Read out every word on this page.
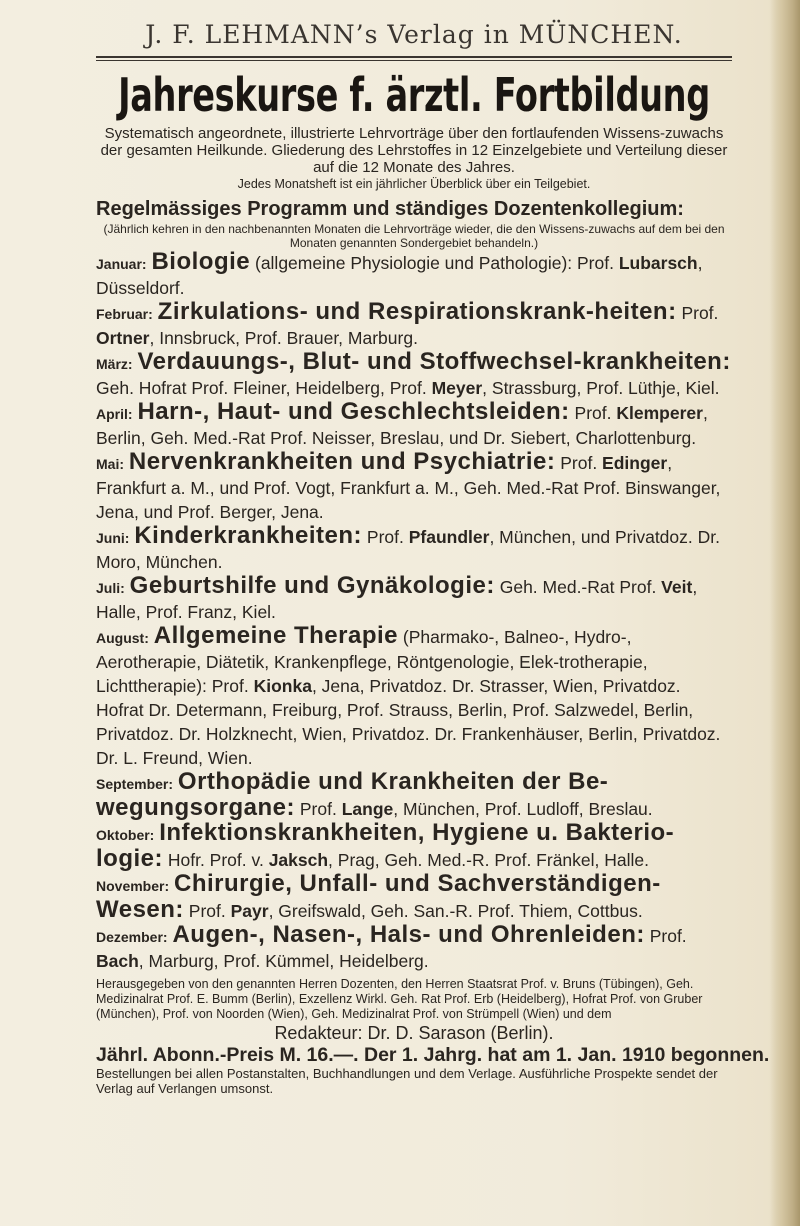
J. F. LEHMANN’s Verlag in MÜNCHEN.
Jahreskurse f. ärztl. Fortbildung
Systematisch angeordnete, illustrierte Lehrvorträge über den fortlaufenden Wissens-zuwachs der gesamten Heilkunde. Gliederung des Lehrstoffes in 12 Einzelgebiete und Verteilung dieser auf die 12 Monate des Jahres.
Jedes Monatsheft ist ein jährlicher Überblick über ein Teilgebiet.
Regelmässiges Programm und ständiges Dozentenkollegium:
(Jährlich kehren in den nachbenannten Monaten die Lehrvorträge wieder, die den Wissens-zuwachs auf dem bei den Monaten genannten Sondergebiet behandeln.)
Januar: Biologie (allgemeine Physiologie und Pathologie): Prof. Lubarsch, Düsseldorf.
Februar: Zirkulations- und Respirationskrank-heiten: Prof. Ortner, Innsbruck, Prof. Brauer, Marburg.
März: Verdauungs-, Blut- und Stoffwechsel-krankheiten: Geh. Hofrat Prof. Fleiner, Heidelberg, Prof. Meyer, Strassburg, Prof. Lüthje, Kiel.
April: Harn-, Haut- und Geschlechtsleiden: Prof. Klemperer, Berlin, Geh. Med.-Rat Prof. Neisser, Breslau, und Dr. Siebert, Charlottenburg.
Mai: Nervenkrankheiten und Psychiatrie: Prof. Edinger, Frankfurt a. M., und Prof. Vogt, Frankfurt a. M., Geh. Med.-Rat Prof. Binswanger, Jena, und Prof. Berger, Jena.
Juni: Kinderkrankheiten: Prof. Pfaundler, München, und Privatdoz. Dr. Moro, München.
Juli: Geburtshilfe und Gynäkologie: Geh. Med.-Rat Prof. Veit, Halle, Prof. Franz, Kiel.
August: Allgemeine Therapie (Pharmako-, Balneo-, Hydro-, Aerotherapie, Diätetik, Krankenpflege, Röntgenologie, Elek-trotherapie, Lichttherapie): Prof. Kionka, Jena, Privatdoz. Dr. Strasser, Wien, Privatdoz. Hofrat Dr. Determann, Freiburg, Prof. Strauss, Berlin, Prof. Salzwedel, Berlin, Privatdoz. Dr. Holzknecht, Wien, Privatdoz. Dr. Frankenhäuser, Berlin, Privatdoz. Dr. L. Freund, Wien.
September: Orthopädie und Krankheiten der Be-wegungsorgane: Prof. Lange, München, Prof. Ludloff, Breslau.
Oktober: Infektionskrankheiten, Hygiene u. Bakterio-logie: Hofr. Prof. v. Jaksch, Prag, Geh. Med.-R. Prof. Fränkel, Halle.
November: Chirurgie, Unfall- und Sachverständigen-Wesen: Prof. Payr, Greifswald, Geh. San.-R. Prof. Thiem, Cottbus.
Dezember: Augen-, Nasen-, Hals- und Ohrenleiden: Prof. Bach, Marburg, Prof. Kümmel, Heidelberg.
Herausgegeben von den genannten Herren Dozenten, den Herren Staatsrat Prof. v. Bruns (Tübingen), Geh. Medizinalrat Prof. E. Bumm (Berlin), Exzellenz Wirkl. Geh. Rat Prof. Erb (Heidelberg), Hofrat Prof. von Gruber (München), Prof. von Noorden (Wien), Geh. Medizinalrat Prof. von Strümpell (Wien) und dem
Redakteur: Dr. D. Sarason (Berlin).
Jährl. Abonn.-Preis M. 16.—. Der 1. Jahrg. hat am 1. Jan. 1910 begonnen.
Bestellungen bei allen Postanstalten, Buchhandlungen und dem Verlage. Ausführliche Prospekte sendet der Verlag auf Verlangen umsonst.
